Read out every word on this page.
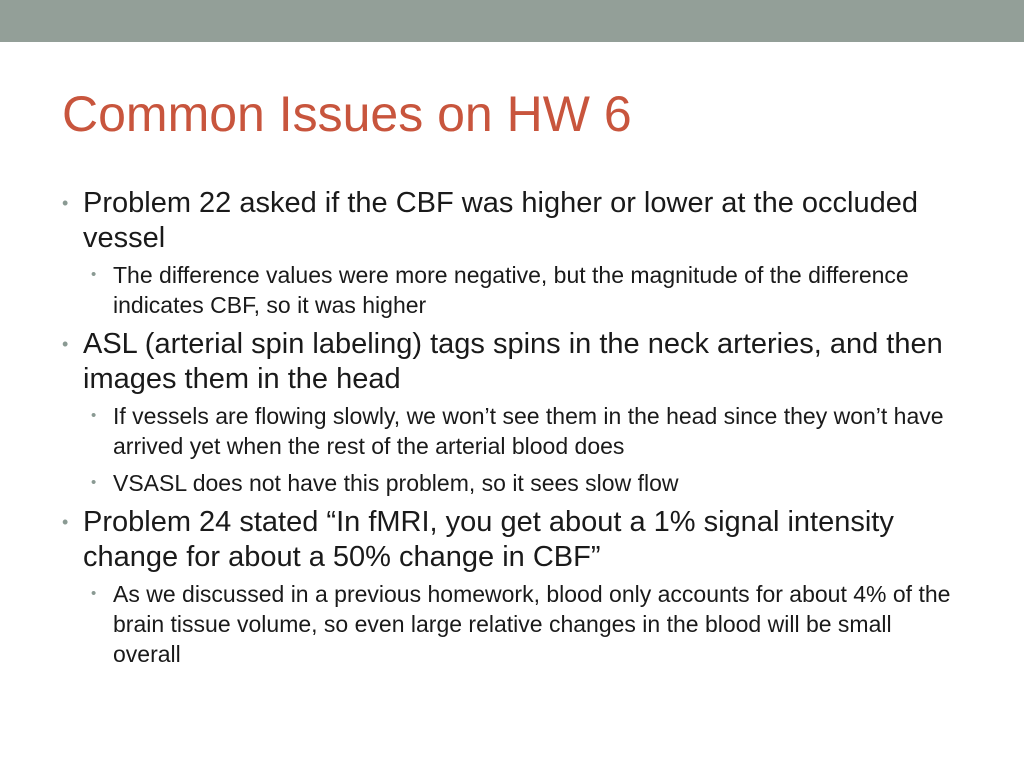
Common Issues on HW 6
• Problem 22 asked if the CBF was higher or lower at the occluded vessel
• The difference values were more negative, but the magnitude of the difference indicates CBF, so it was higher
• ASL (arterial spin labeling) tags spins in the neck arteries, and then images them in the head
• If vessels are flowing slowly, we won’t see them in the head since they won’t have arrived yet when the rest of the arterial blood does
• VSASL does not have this problem, so it sees slow flow
• Problem 24 stated “In fMRI, you get about a 1% signal intensity change for about a 50% change in CBF”
• As we discussed in a previous homework, blood only accounts for about 4% of the brain tissue volume, so even large relative changes in the blood will be small overall
